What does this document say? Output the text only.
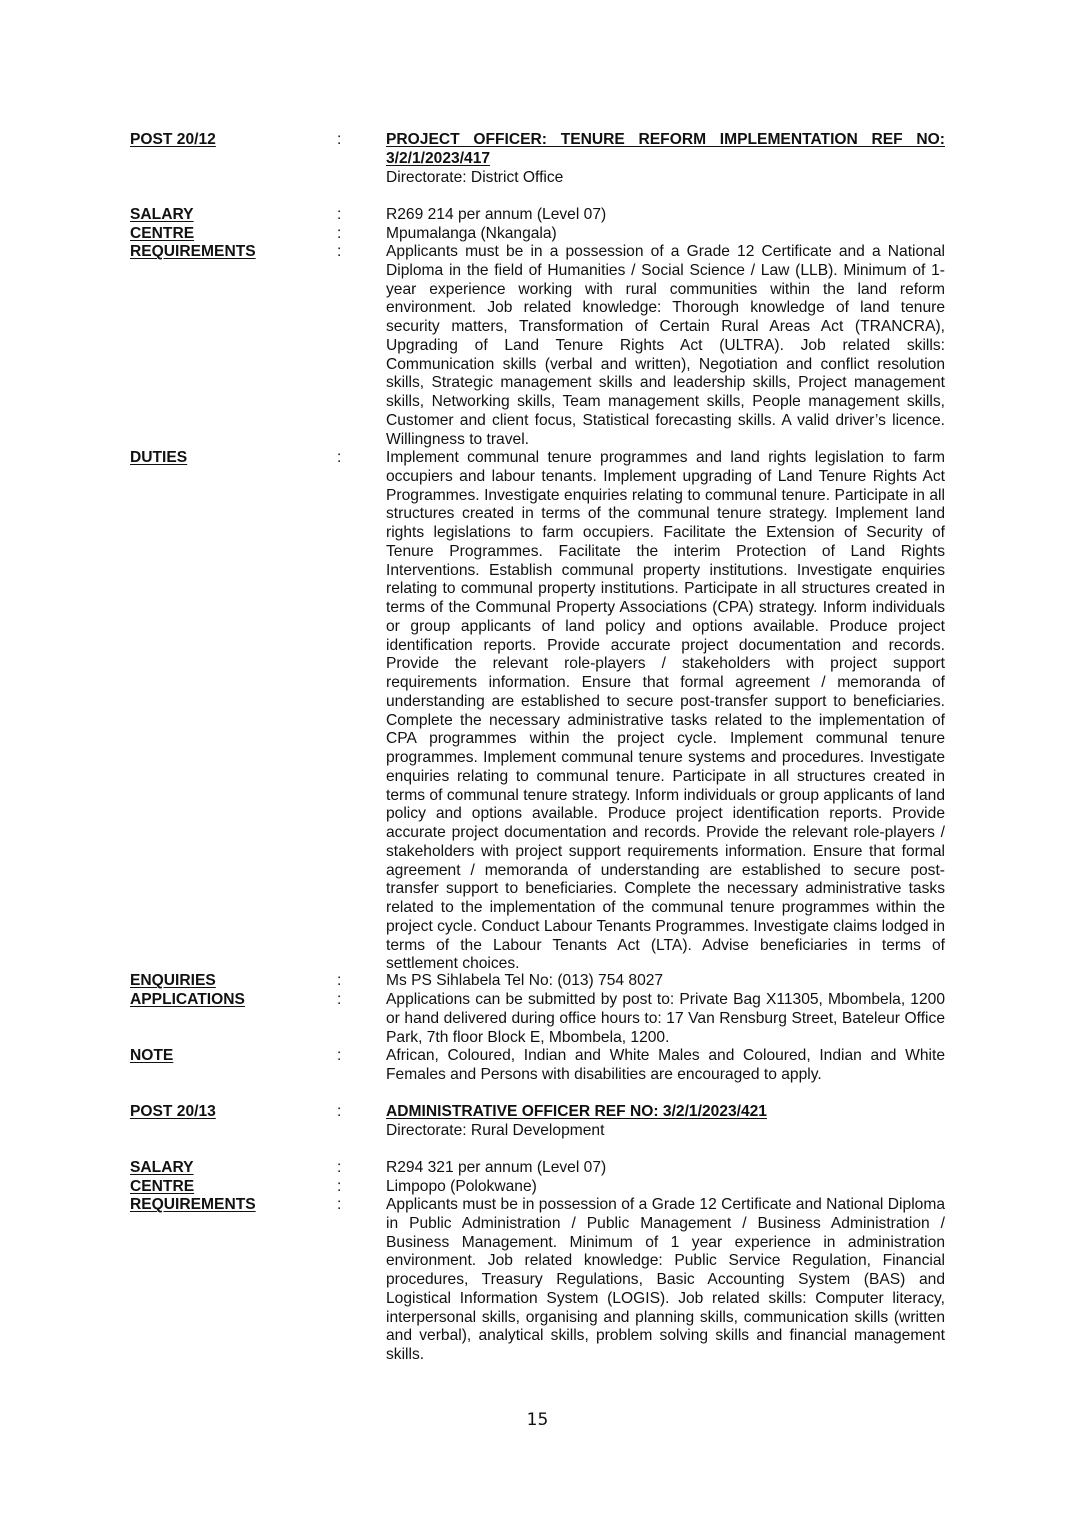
POST 20/12	:	PROJECT OFFICER: TENURE REFORM IMPLEMENTATION REF NO: 3/2/1/2023/417
Directorate: District Office
SALARY	:	R269 214 per annum (Level 07)
CENTRE	:	Mpumalanga (Nkangala)
REQUIREMENTS	:	Applicants must be in a possession of a Grade 12 Certificate and a National Diploma in the field of Humanities / Social Science / Law (LLB). Minimum of 1-year experience working with rural communities within the land reform environment. Job related knowledge: Thorough knowledge of land tenure security matters, Transformation of Certain Rural Areas Act (TRANCRA), Upgrading of Land Tenure Rights Act (ULTRA). Job related skills: Communication skills (verbal and written), Negotiation and conflict resolution skills, Strategic management skills and leadership skills, Project management skills, Networking skills, Team management skills, People management skills, Customer and client focus, Statistical forecasting skills. A valid driver’s licence. Willingness to travel.
DUTIES	:	Implement communal tenure programmes and land rights legislation to farm occupiers and labour tenants. Implement upgrading of Land Tenure Rights Act Programmes. Investigate enquiries relating to communal tenure. Participate in all structures created in terms of the communal tenure strategy. Implement land rights legislations to farm occupiers. Facilitate the Extension of Security of Tenure Programmes. Facilitate the interim Protection of Land Rights Interventions. Establish communal property institutions. Investigate enquiries relating to communal property institutions. Participate in all structures created in terms of the Communal Property Associations (CPA) strategy. Inform individuals or group applicants of land policy and options available. Produce project identification reports. Provide accurate project documentation and records. Provide the relevant role-players / stakeholders with project support requirements information. Ensure that formal agreement / memoranda of understanding are established to secure post-transfer support to beneficiaries. Complete the necessary administrative tasks related to the implementation of CPA programmes within the project cycle. Implement communal tenure programmes. Implement communal tenure systems and procedures. Investigate enquiries relating to communal tenure. Participate in all structures created in terms of communal tenure strategy. Inform individuals or group applicants of land policy and options available. Produce project identification reports. Provide accurate project documentation and records. Provide the relevant role-players / stakeholders with project support requirements information. Ensure that formal agreement / memoranda of understanding are established to secure post-transfer support to beneficiaries. Complete the necessary administrative tasks related to the implementation of the communal tenure programmes within the project cycle. Conduct Labour Tenants Programmes. Investigate claims lodged in terms of the Labour Tenants Act (LTA). Advise beneficiaries in terms of settlement choices.
ENQUIRIES	:	Ms PS Sihlabela Tel No: (013) 754 8027
APPLICATIONS	:	Applications can be submitted by post to: Private Bag X11305, Mbombela, 1200 or hand delivered during office hours to: 17 Van Rensburg Street, Bateleur Office Park, 7th floor Block E, Mbombela, 1200.
NOTE	:	African, Coloured, Indian and White Males and Coloured, Indian and White Females and Persons with disabilities are encouraged to apply.
POST 20/13	:	ADMINISTRATIVE OFFICER REF NO: 3/2/1/2023/421
Directorate: Rural Development
SALARY	:	R294 321 per annum (Level 07)
CENTRE	:	Limpopo (Polokwane)
REQUIREMENTS	:	Applicants must be in possession of a Grade 12 Certificate and National Diploma in Public Administration / Public Management / Business Administration / Business Management. Minimum of 1 year experience in administration environment. Job related knowledge: Public Service Regulation, Financial procedures, Treasury Regulations, Basic Accounting System (BAS) and Logistical Information System (LOGIS). Job related skills: Computer literacy, interpersonal skills, organising and planning skills, communication skills (written and verbal), analytical skills, problem solving skills and financial management skills.
15
